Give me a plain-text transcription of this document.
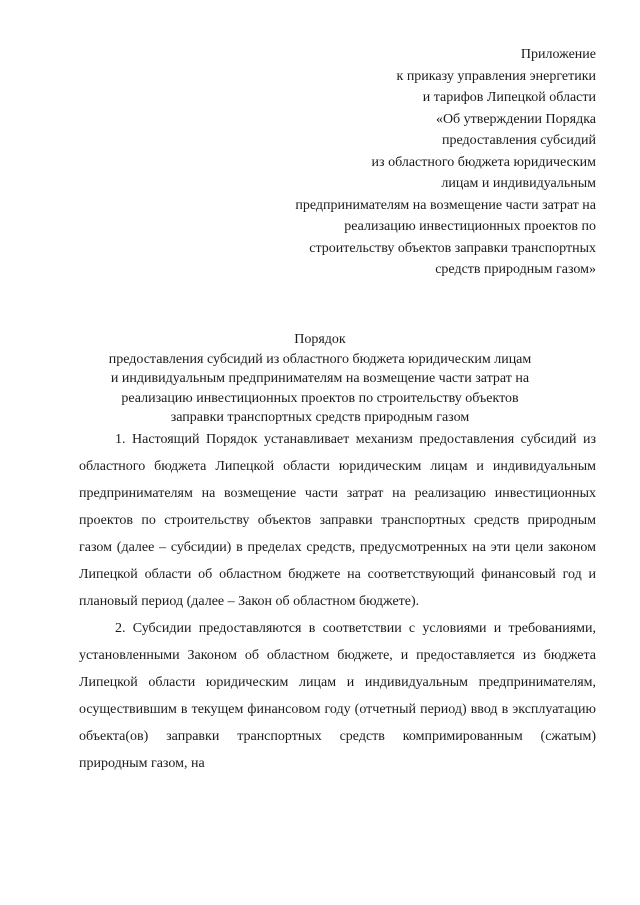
Приложение
к приказу управления энергетики
и тарифов Липецкой области
«Об утверждении Порядка
предоставления субсидий
из областного бюджета юридическим
лицам и индивидуальным
предпринимателям на возмещение части затрат на
реализацию инвестиционных проектов по
строительству объектов заправки транспортных
средств природным газом»
Порядок
предоставления субсидий из областного бюджета юридическим лицам
и индивидуальным предпринимателям на возмещение части затрат на
реализацию инвестиционных проектов по строительству объектов
заправки транспортных средств природным газом

1. Настоящий Порядок устанавливает механизм предоставления субсидий из областного бюджета Липецкой области юридическим лицам и индивидуальным предпринимателям на возмещение части затрат на реализацию инвестиционных проектов по строительству объектов заправки транспортных средств природным газом (далее – субсидии) в пределах средств, предусмотренных на эти цели законом Липецкой области об областном бюджете на соответствующий финансовый год и плановый период (далее – Закон об областном бюджете).

2. Субсидии предоставляются в соответствии с условиями и требованиями, установленными Законом об областном бюджете, и предоставляется из бюджета Липецкой области юридическим лицам и индивидуальным предпринимателям, осуществившим в текущем финансовом году (отчетный период) ввод в эксплуатацию объекта(ов) заправки транспортных средств компримированным (сжатым) природным газом, на
